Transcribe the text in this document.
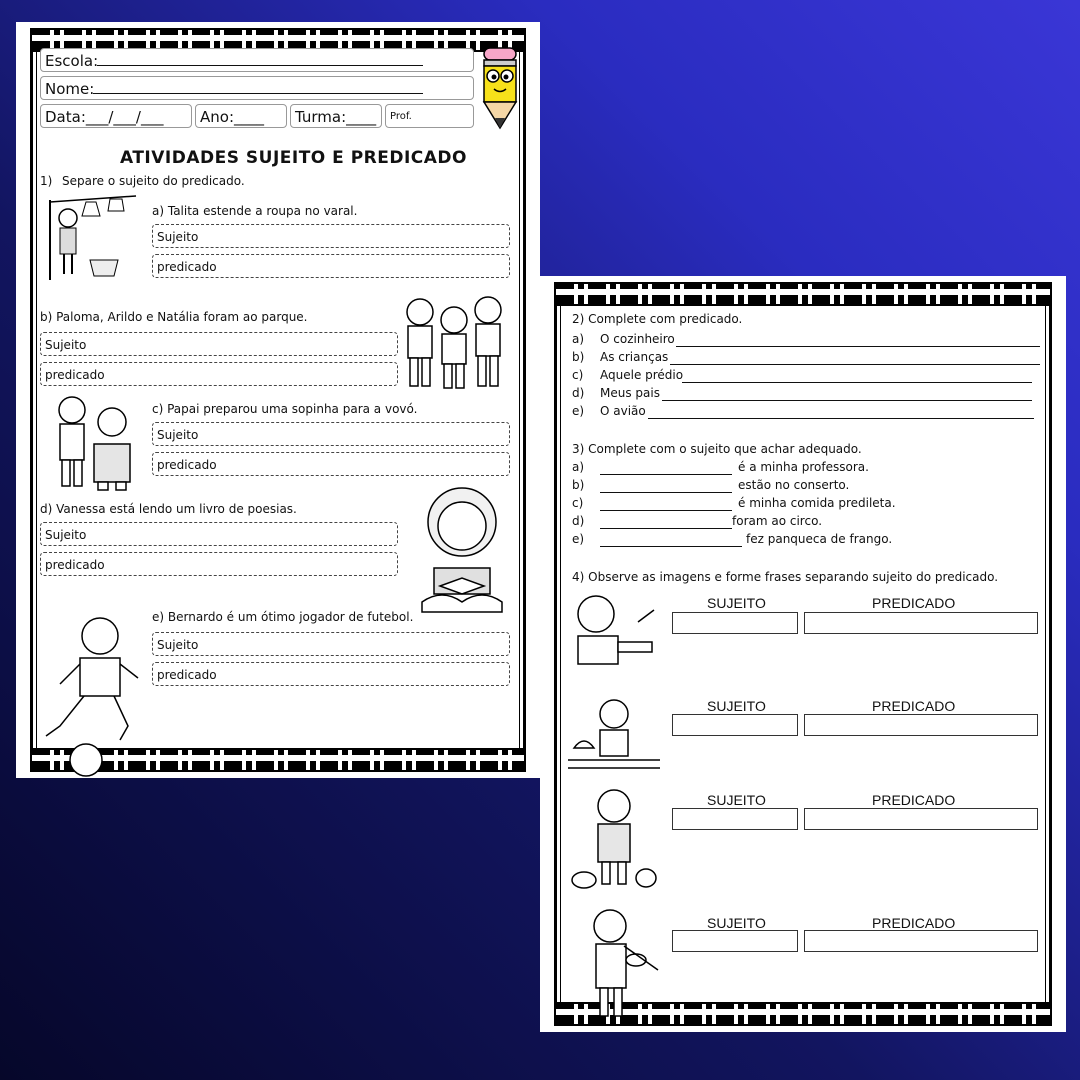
Escola:
Nome:
Data:___/___/___	Ano:____	Turma:____	Prof.
ATIVIDADES SUJEITO E PREDICADO
1) Separe o sujeito do predicado.
a) Talita estende a roupa no varal.
Sujeito
predicado
b) Paloma, Arildo e Natália foram ao parque.
Sujeito
predicado
c) Papai preparou uma sopinha para a vovó.
Sujeito
predicado
d) Vanessa está lendo um livro de poesias.
Sujeito
predicado
e) Bernardo é um ótimo jogador de futebol.
Sujeito
predicado
2) Complete com predicado.
a) O cozinheiro
b) As crianças
c) Aquele prédio
d) Meus pais
e) O avião
3) Complete com o sujeito que achar adequado.
a)	é a minha professora.
b)	estão no conserto.
c)	é minha comida predileta.
d)	foram ao circo.
e)	fez panqueca de frango.
4) Observe as imagens e forme frases separando sujeito do predicado.
SUJEITO	PREDICADO
SUJEITO	PREDICADO
SUJEITO	PREDICADO
SUJEITO	PREDICADO
